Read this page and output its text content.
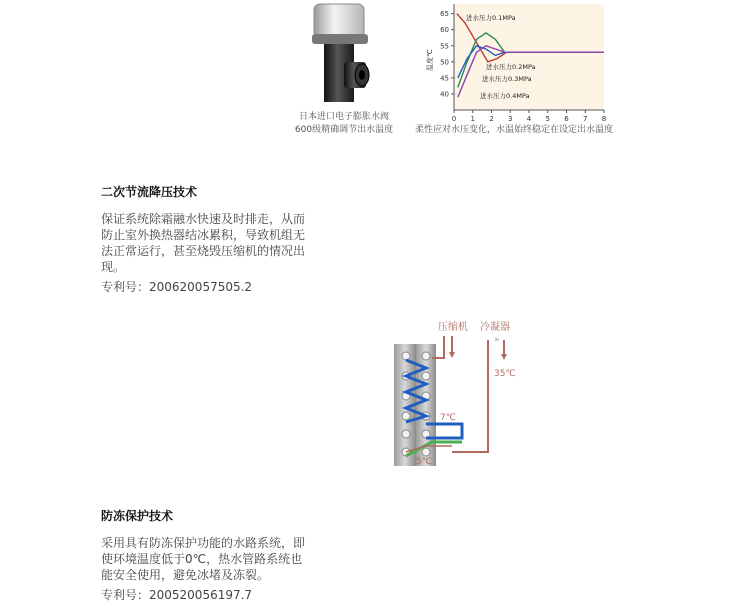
日本进口电子膨胀水阀
600级精确调节出水温度
0 1 2 3 4 5 6 7 8
40
45
50
55
60
65
温度℃
进水压力0.1MPa
进水压力0.2MPa
进水压力0.3MPa
进水压力0.4MPa
柔性应对水压变化，水温始终稳定在设定出水温度
二次节流降压技术
保证系统除霜融水快速及时排走，从而防止室外换热器结冰累积，导致机组无法正常运行，甚至烧毁压缩机的情况出现。
专利号：200620057505.2
»
压缩机 冷凝器
35℃
7℃
5℃
防冻保护技术
采用具有防冻保护功能的水路系统，即使环境温度低于0℃，热水管路系统也能安全使用，避免冰堵及冻裂。
专利号：200520056197.7
